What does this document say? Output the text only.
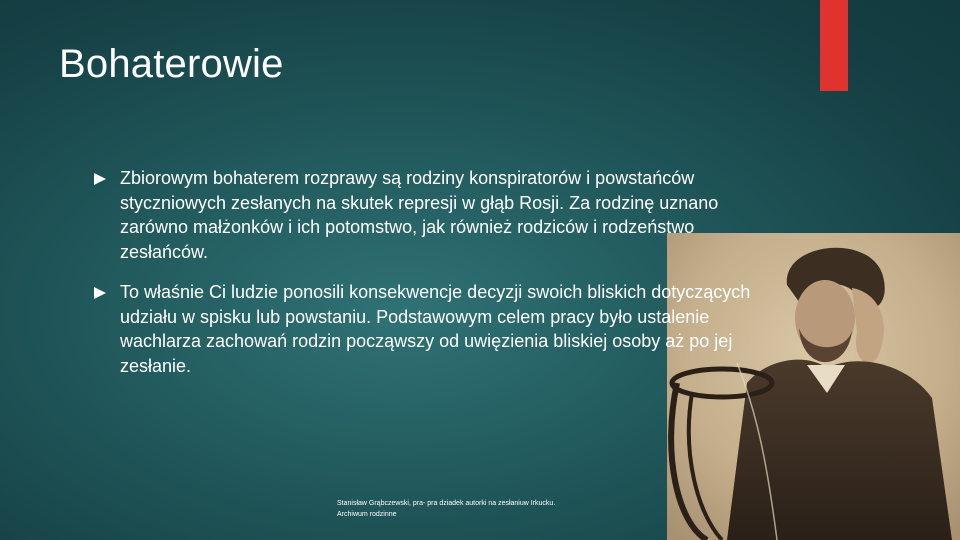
Bohaterowie
Zbiorowym bohaterem rozprawy są rodziny konspiratorów i powstańców styczniowych zesłanych na skutek represji w głąb Rosji. Za rodzinę uznano zarówno małżonków i ich potomstwo, jak również rodziców i rodzeństwo zesłańców.
To właśnie Ci ludzie ponosili konsekwencje decyzji swoich bliskich dotyczących udziału w spisku lub powstaniu. Podstawowym celem pracy było ustalenie wachlarza zachowań rodzin począwszy od uwięzienia bliskiej osoby aż po jej zesłanie.
Stanisław Grąbczewski, pra- pra dziadek autorki na zesłaniuw Irkucku. Archiwum rodzinne
